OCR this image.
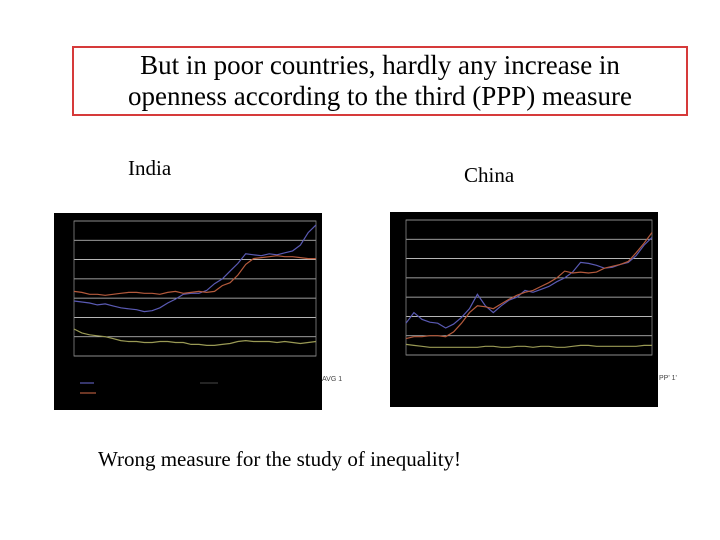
But in poor countries, hardly any increase in
openness according to the third (PPP) measure
India	China
AVG 1	PP' 1'
Wrong measure for the study of inequality!
